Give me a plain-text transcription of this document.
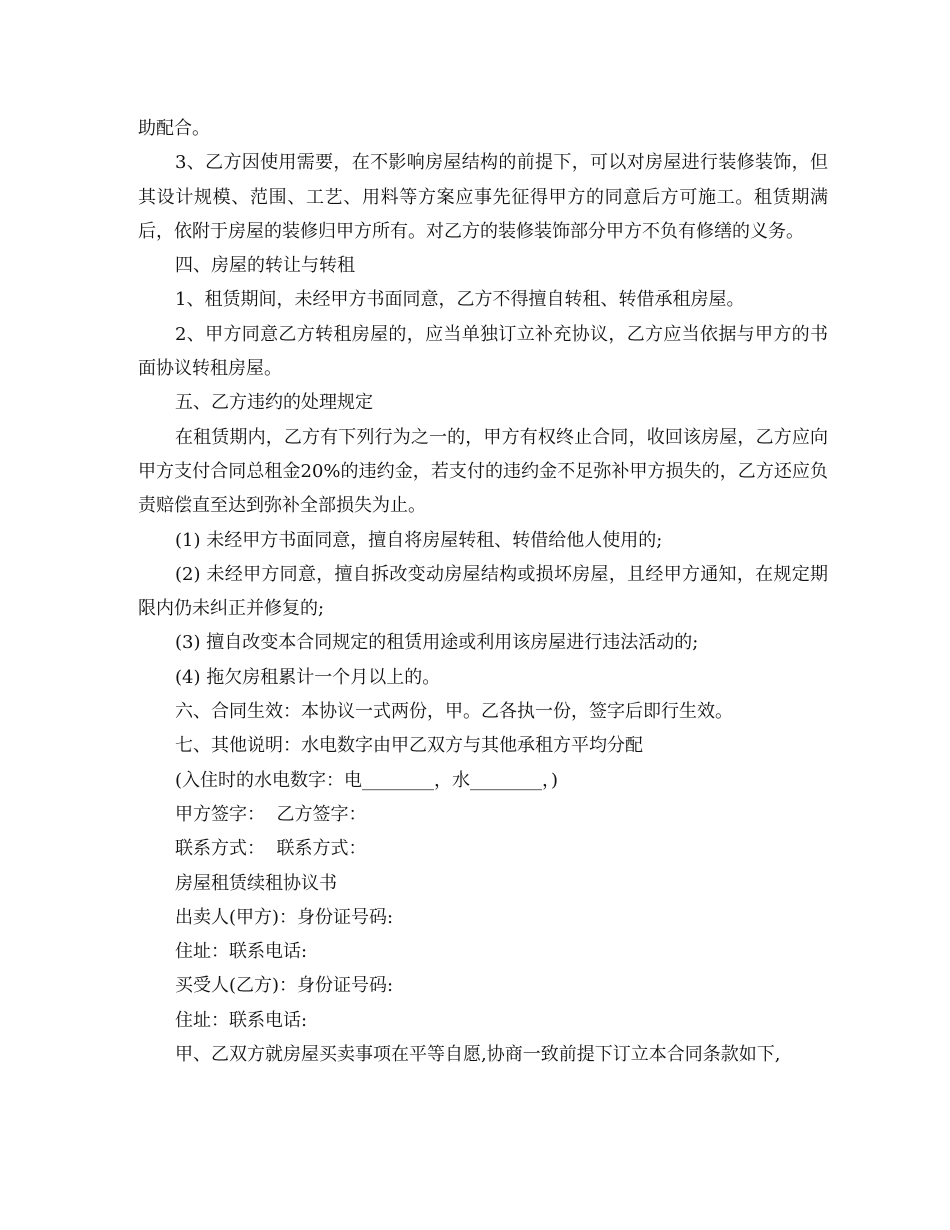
助配合。

3、乙方因使用需要，在不影响房屋结构的前提下，可以对房屋进行装修装饰，但其设计规模、范围、工艺、用料等方案应事先征得甲方的同意后方可施工。租赁期满后，依附于房屋的装修归甲方所有。对乙方的装修装饰部分甲方不负有修缮的义务。

四、房屋的转让与转租

1、租赁期间，未经甲方书面同意，乙方不得擅自转租、转借承租房屋。

2、甲方同意乙方转租房屋的，应当单独订立补充协议，乙方应当依据与甲方的书面协议转租房屋。

五、乙方违约的处理规定

在租赁期内，乙方有下列行为之一的，甲方有权终止合同，收回该房屋，乙方应向甲方支付合同总租金20%的违约金，若支付的违约金不足弥补甲方损失的，乙方还应负责赔偿直至达到弥补全部损失为止。

(1) 未经甲方书面同意，擅自将房屋转租、转借给他人使用的;

(2) 未经甲方同意，擅自拆改变动房屋结构或损坏房屋，且经甲方通知，在规定期限内仍未纠正并修复的;

(3) 擅自改变本合同规定的租赁用途或利用该房屋进行违法活动的;

(4) 拖欠房租累计一个月以上的。

六、合同生效：本协议一式两份，甲。乙各执一份，签字后即行生效。

七、其他说明：水电数字由甲乙双方与其他承租方平均分配

(入住时的水电数字：电________，水________，)

甲方签字：  乙方签字：

联系方式：  联系方式：

房屋租赁续租协议书

出卖人(甲方)：身份证号码:

住址：联系电话:

买受人(乙方)：身份证号码:

住址：联系电话:

甲、乙双方就房屋买卖事项在平等自愿,协商一致前提下订立本合同条款如下,
